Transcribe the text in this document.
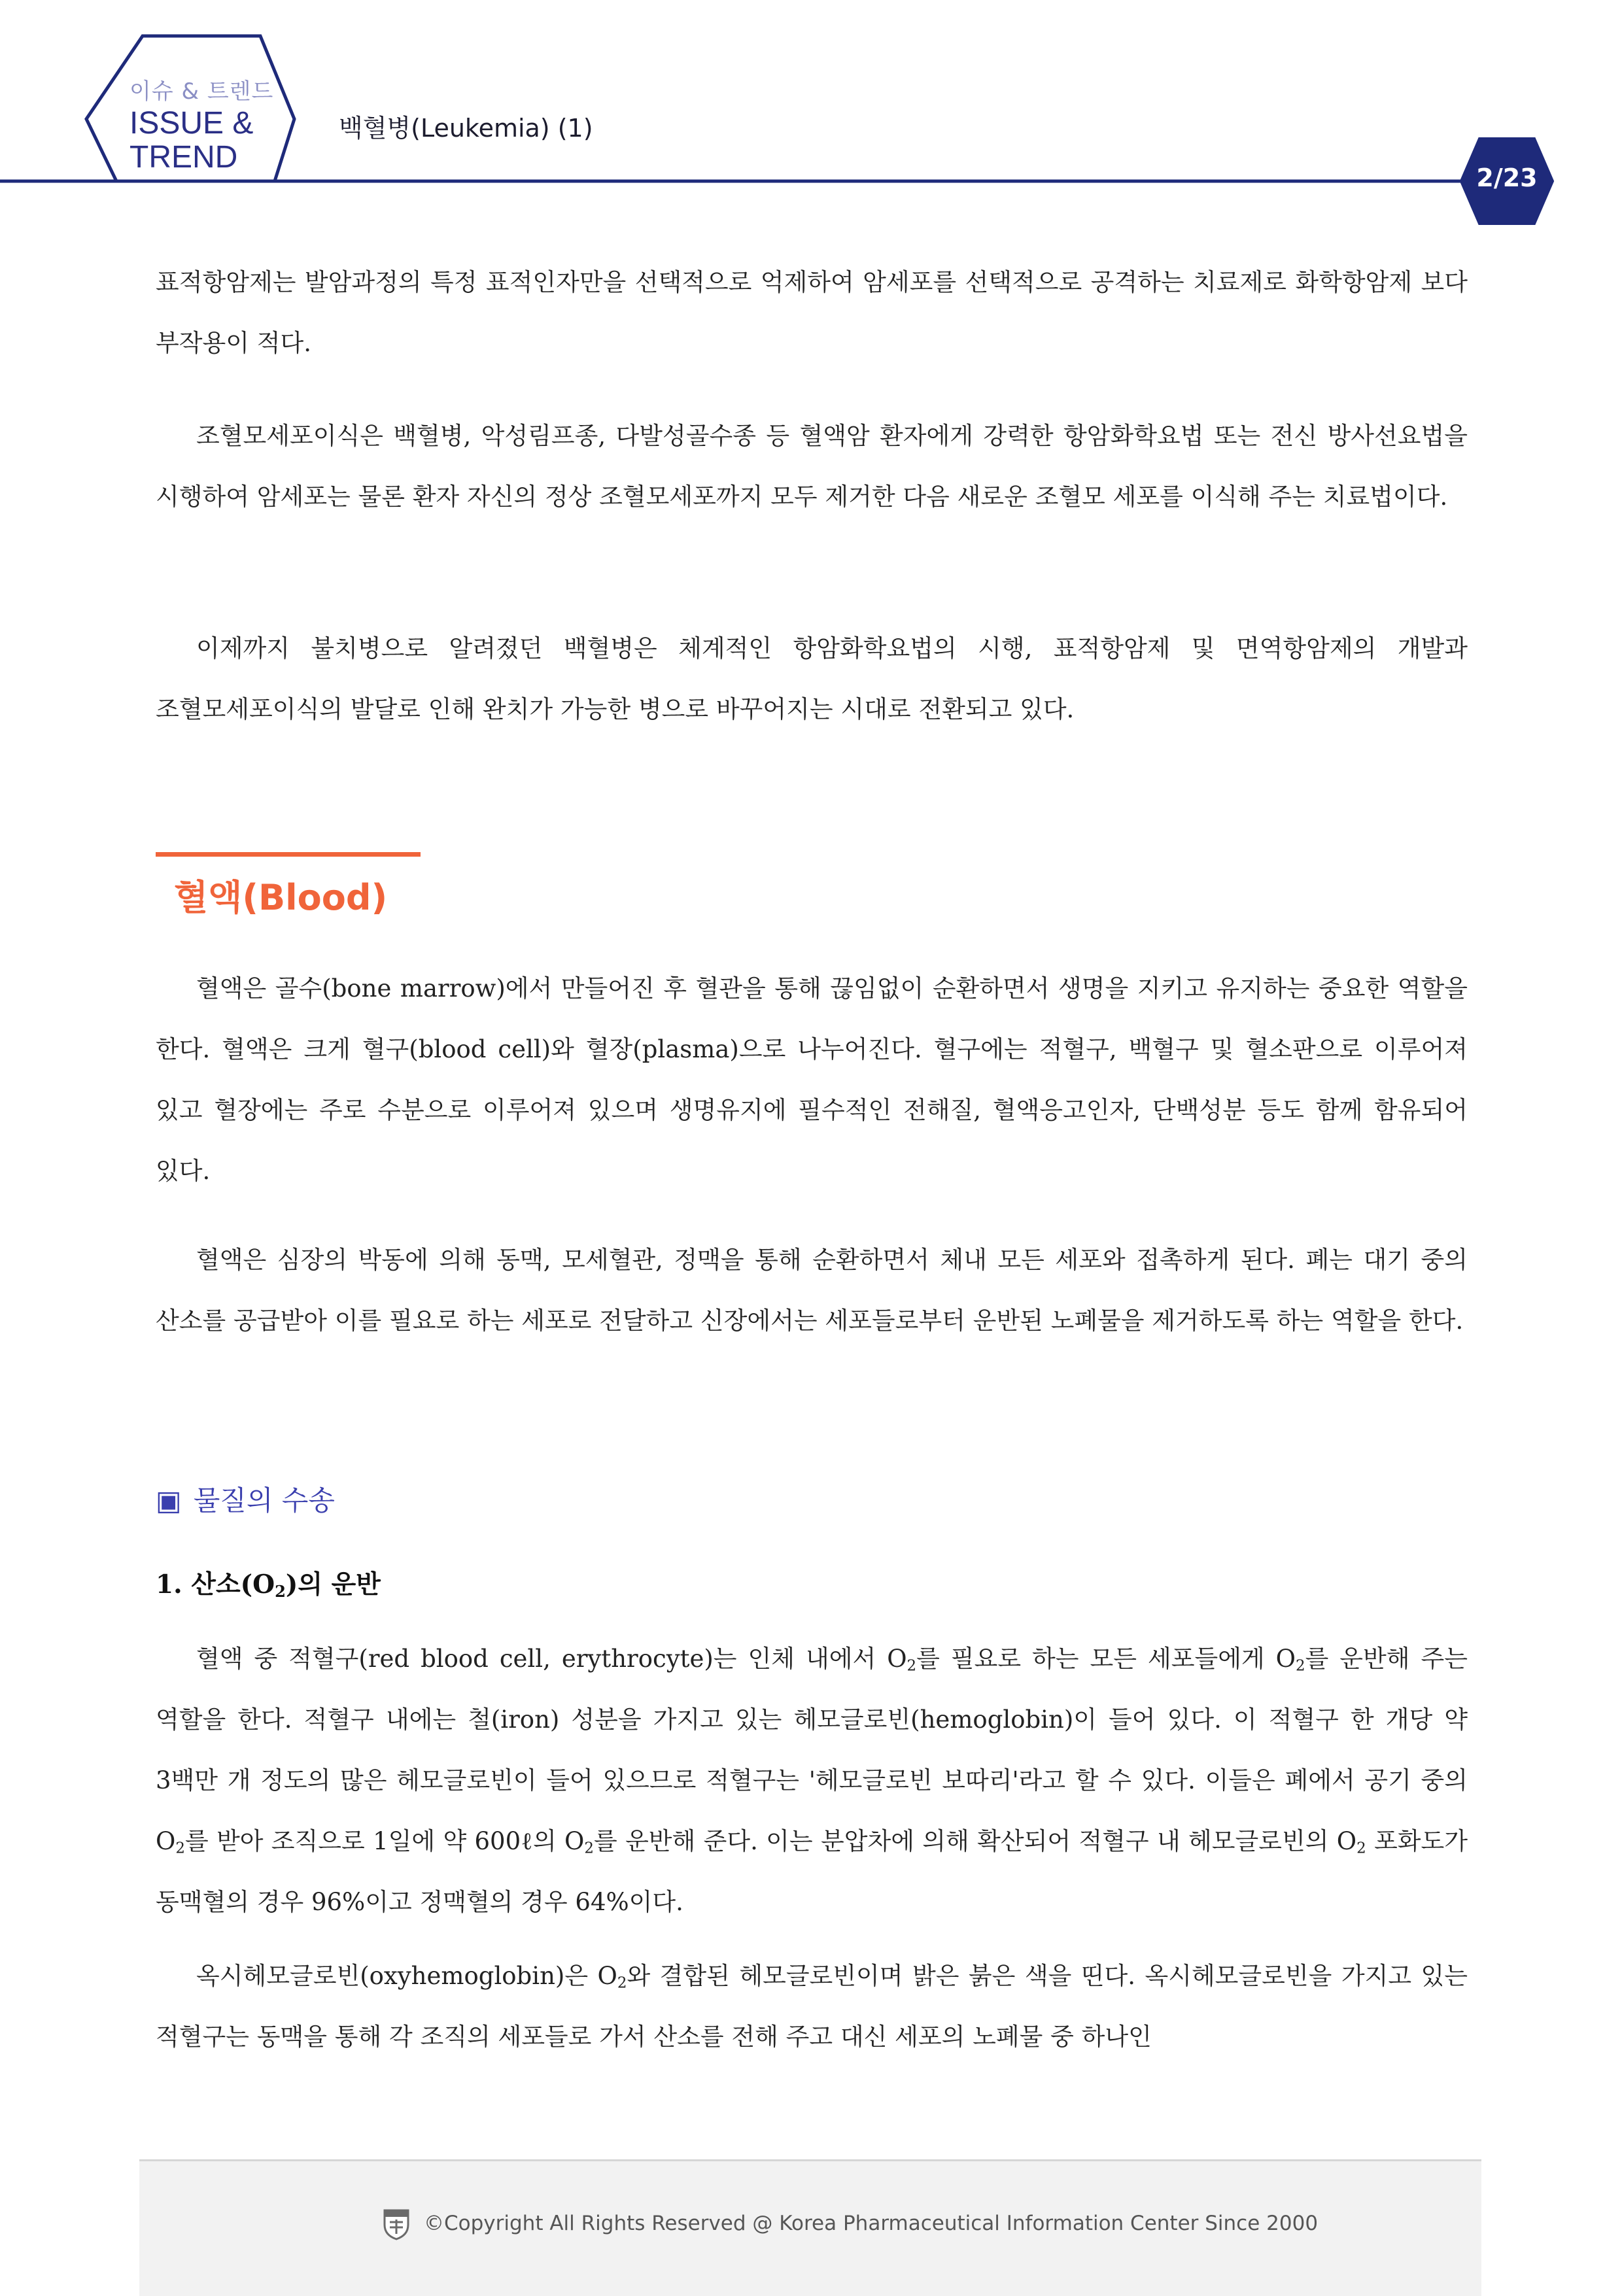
이슈 & 트렌드
ISSUE &
TREND
백혈병(Leukemia) (1)
2/23
표적항암제는 발암과정의 특정 표적인자만을 선택적으로 억제하여 암세포를 선택적으로 공격하는 치료제로 화학항암제 보다 부작용이 적다.
조혈모세포이식은 백혈병, 악성림프종, 다발성골수종 등 혈액암 환자에게 강력한 항암화학요법 또는 전신 방사선요법을 시행하여 암세포는 물론 환자 자신의 정상 조혈모세포까지 모두 제거한 다음 새로운 조혈모 세포를 이식해 주는 치료법이다.
이제까지 불치병으로 알려졌던 백혈병은 체계적인 항암화학요법의 시행, 표적항암제 및 면역항암제의 개발과 조혈모세포이식의 발달로 인해 완치가 가능한 병으로 바꾸어지는 시대로 전환되고 있다.
혈액(Blood)
혈액은 골수(bone marrow)에서 만들어진 후 혈관을 통해 끊임없이 순환하면서 생명을 지키고 유지하는 중요한 역할을 한다. 혈액은 크게 혈구(blood cell)와 혈장(plasma)으로 나누어진다. 혈구에는 적혈구, 백혈구 및 혈소판으로 이루어져 있고 혈장에는 주로 수분으로 이루어져 있으며 생명유지에 필수적인 전해질, 혈액응고인자, 단백성분 등도 함께 함유되어 있다.
혈액은 심장의 박동에 의해 동맥, 모세혈관, 정맥을 통해 순환하면서 체내 모든 세포와 접촉하게 된다. 폐는 대기 중의 산소를 공급받아 이를 필요로 하는 세포로 전달하고 신장에서는 세포들로부터 운반된 노폐물을 제거하도록 하는 역할을 한다.
▣ 물질의 수송
1. 산소$(O_2)$의 운반
혈액 중 적혈구(red blood cell, erythrocyte)는 인체 내에서 $O_2$를 필요로 하는 모든 세포들에게 $O_2$를 운반해 주는 역할을 한다. 적혈구 내에는 철(iron) 성분을 가지고 있는 헤모글로빈(hemoglobin)이 들어 있다. 이 적혈구 한 개당 약 3백만 개 정도의 많은 헤모글로빈이 들어 있으므로 적혈구는 '헤모글로빈 보따리'라고 할 수 있다. 이들은 폐에서 공기 중의 $O_2$를 받아 조직으로 1일에 약 600ℓ의 $O_2$를 운반해 준다. 이는 분압차에 의해 확산되어 적혈구 내 헤모글로빈의 $O_2$ 포화도가 동맥혈의 경우 96%이고 정맥혈의 경우 64%이다.
옥시헤모글로빈(oxyhemoglobin)은 $O_2$와 결합된 헤모글로빈이며 밝은 붉은 색을 띤다. 옥시헤모글로빈을 가지고 있는 적혈구는 동맥을 통해 각 조직의 세포들로 가서 산소를 전해 주고 대신 세포의 노폐물 중 하나인
©Copyright All Rights Reserved @ Korea Pharmaceutical Information Center Since 2000
